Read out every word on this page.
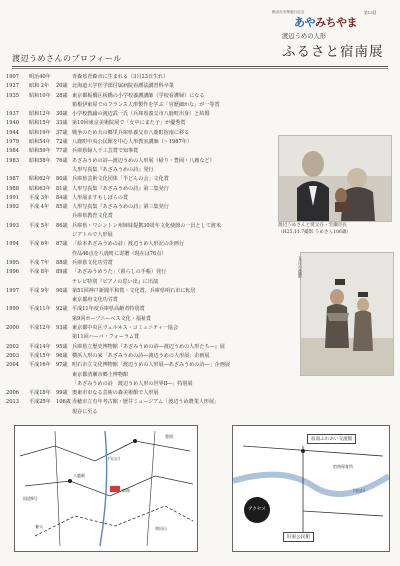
横浜市市制施行記念
あやみちやま
第13回
渡辺うめの人形
ふるさと宿南展
渡辺うめさんのプロフィール
1907	明治40年	青森県青森市に生まれる（3月23日生れ）
1927	昭和 2年	20歳 北海道大学医学部付属病院看護法講習科卒業
1935	昭和10年	28歳 東京都板橋区板橋の小学校養護講師（学校看護婦）になる
箱根伊東屋でのフランス人形製作を学ぶ「官歴細かな」が一等賞
1937	昭和12年	30歳 小学校教諭の渡辺武一氏（兵庫県養父市八鹿町出身）と結婚
1940	昭和15年	33歳 第10回東京美術院展で「女中にまた子」が優秀賞
1944	昭和19年	37歳 戦争のため夫の郷里兵庫県養父市八鹿町宿南に移る
1979	昭和54年	72歳 八鹿町中央公民館を中心人形教室講師（～1987年）
1984	昭和59年	77歳 兵庫県婦人千工芸賞で知事賞
1983	昭和58年	76歳 あざみうめの詩―渡辺うめの人形展（帰り・豊岡・八鹿など）
人形写真集『あざみうめの詩』発行
1987	昭和62年	80歳 兵庫県芸術文化団体「半どんの会」文化賞
1988	昭和63年	81歳 人形写真集『あざみうめの詩』第二集発行
1991	平成 3年	84歳 人形展ますもしばらの賞
1992	平成 4年	85歳 人形写真集『あざみうめの詩』第三集発行
兵庫県教育文化賞
1993	平成 5年	86歳 兵庫県・ワシントン州姉妹提携30周年文化使節の一員として渡米
ジアトルで人形展
1994	平成 6年	87歳 「絵本あざみうめの詩」渡辺うめ人形記の企画行
作品46点を八鹿町に寄贈（現在は76点）
1995	平成 7年	88歳 兵庫県文化功労賞
1996	平成 8年	89歳 「あざみうめうた」（暮らしの手帳）発行
テレビ特別『ピアノの思い出』に出演
1997	平成 9年	90歳 第51回神戸新聞平和賞・文化賞、兵庫県明石市に転居
東京都府文化功労賞
1999	平成11年	92歳 平成11年度兵庫県高齢者特別賞
第9回ホープニーべス文化・福祉賞
2000	平成12年	93歳 東京都中央区ウェルネス・コミュニティ一協会
第11回ハーバ・フォーラム賞
2002	平成14年	95歳 兵庫県立歴史博物館『あざみうめの詩―渡辺うめの人形たち―』展
2003	平成15年	96歳 横浜人形の家「あざみうめの詩―渡辺うめの人形展」企画展
2004	平成16年	97歳 明石市立文化博物館「渡辺うめの人形展―あざみうめの詩―」企画展
東京都清瀬市郷土博物館
「あざみうめの詩　渡辺うめ人形の世界Ⅱ―」特別展
2006	平成18年	99歳 奥東市市なる芸術の森美術館で人形展
2013	平成25年	106歳 赤穂市立有年考古館・歴井ミュージアム「渡辺うめ農業人形展」
現存に至る
渡辺うめさんと愛父在・宅瀬市長
（H25.11.7撮影 うめさん106歳）
五月の農繁
八鹿駅
円山川
宿南
国道9号
養父
豊岡
和田山
宿南ふれあい交流館
旧東公民館
宿南保育所
円山川
アクセス
